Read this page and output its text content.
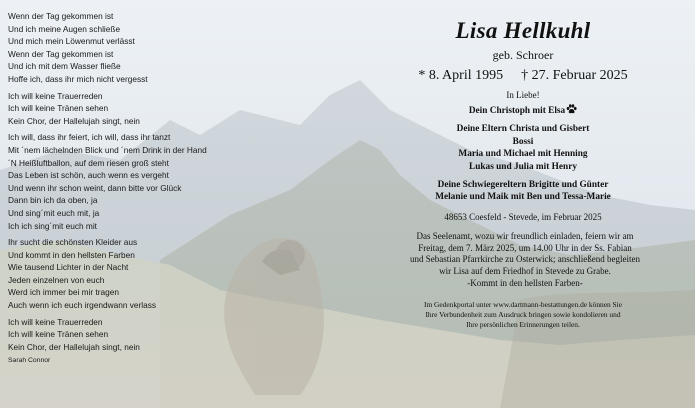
Wenn der Tag gekommen ist
Und ich meine Augen schließe
Und mich mein Löwenmut verlässt
Wenn der Tag gekommen ist
Und ich mit dem Wasser fließe
Hoffe ich, dass ihr mich nicht vergesst
Ich will keine Trauerreden
Ich will keine Tränen sehen
Kein Chor, der Hallelujah singt, nein
Ich will, dass ihr feiert, ich will, dass ihr tanzt
Mit ´nem lächelnden Blick und ´nem Drink in der Hand
´N Heißluftballon, auf dem riesen groß steht
Das Leben ist schön, auch wenn es vergeht
Und wenn ihr schon weint, dann bitte vor Glück
Dann bin ich da oben, ja
Und sing´mit euch mit, ja
Ich ich sing´mit euch mit
Ihr sucht die schönsten Kleider aus
Und kommt in den hellsten Farben
Wie tausend Lichter in der Nacht
Jeden einzelnen von euch
Werd ich immer bei mir tragen
Auch wenn ich euch irgendwann verlass
Ich will keine Trauerreden
Ich will keine Tränen sehen
Kein Chor, der Hallelujah singt, nein
Sarah Connor
Lisa Hellkuhl
geb. Schroer
* 8. April 1995 † 27. Februar 2025
In Liebe!
Dein Christoph mit Elsa
Deine Eltern Christa und Gisbert
Bossi
Maria und Michael mit Henning
Lukas und Julia mit Henry
Deine Schwiegereltern Brigitte und Günter
Melanie und Maik mit Ben und Tessa-Marie
48653 Coesfeld - Stevede, im Februar 2025
Das Seelenamt, wozu wir freundlich einladen, feiern wir am
Freitag, dem 7. März 2025, um 14.00 Uhr in der Ss. Fabian
und Sebastian Pfarrkirche zu Osterwick; anschließend begleiten
wir Lisa auf dem Friedhof in Stevede zu Grabe.
-Kommt in den hellsten Farben-
Im Gedenkportal unter www.dartmann-bestattungen.de können Sie
Ihre Verbundenheit zum Ausdruck bringen sowie kondolieren und
Ihre persönlichen Erinnerungen teilen.
